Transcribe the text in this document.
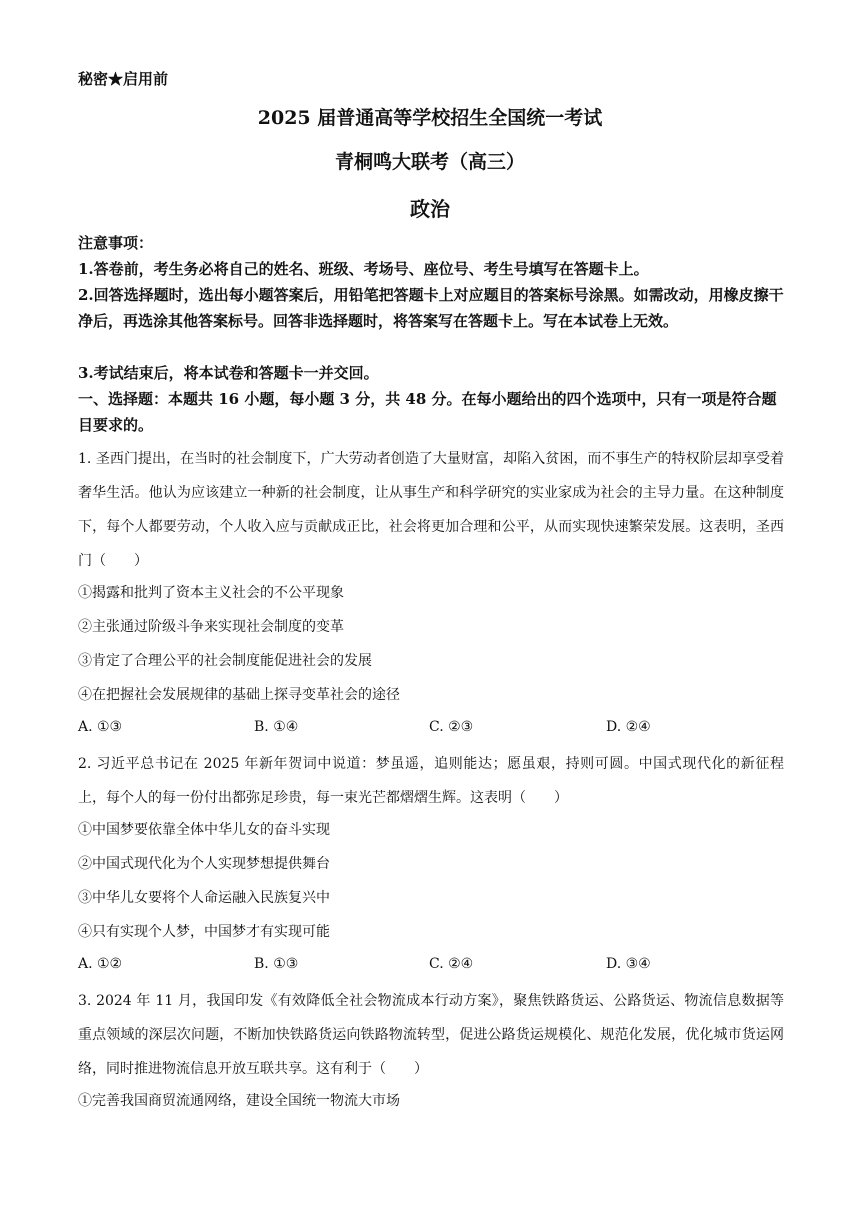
秘密★启用前
2025 届普通高等学校招生全国统一考试
青桐鸣大联考（高三）
政治
注意事项：
1.答卷前，考生务必将自己的姓名、班级、考场号、座位号、考生号填写在答题卡上。
2.回答选择题时，选出每小题答案后，用铅笔把答题卡上对应题目的答案标号涂黑。如需改动，用橡皮擦干净后，再选涂其他答案标号。回答非选择题时，将答案写在答题卡上。写在本试卷上无效。
3.考试结束后，将本试卷和答题卡一并交回。
一、选择题：本题共 16 小题，每小题 3 分，共 48 分。在每小题给出的四个选项中，只有一项是符合题目要求的。
1. 圣西门提出，在当时的社会制度下，广大劳动者创造了大量财富，却陷入贫困，而不事生产的特权阶层却享受着奢华生活。他认为应该建立一种新的社会制度，让从事生产和科学研究的实业家成为社会的主导力量。在这种制度下，每个人都要劳动，个人收入应与贡献成正比，社会将更加合理和公平，从而实现快速繁荣发展。这表明，圣西门（　　）
①揭露和批判了资本主义社会的不公平现象
②主张通过阶级斗争来实现社会制度的变革
③肯定了合理公平的社会制度能促进社会的发展
④在把握社会发展规律的基础上探寻变革社会的途径
A. ①③	B. ①④	C. ②③	D. ②④
2. 习近平总书记在 2025 年新年贺词中说道：梦虽遥，追则能达；愿虽艰，持则可圆。中国式现代化的新征程上，每个人的每一份付出都弥足珍贵，每一束光芒都熠熠生辉。这表明（　　）
①中国梦要依靠全体中华儿女的奋斗实现
②中国式现代化为个人实现梦想提供舞台
③中华儿女要将个人命运融入民族复兴中
④只有实现个人梦，中国梦才有实现可能
A. ①②	B. ①③	C. ②④	D. ③④
3. 2024 年 11 月，我国印发《有效降低全社会物流成本行动方案》，聚焦铁路货运、公路货运、物流信息数据等重点领域的深层次问题，不断加快铁路货运向铁路物流转型，促进公路货运规模化、规范化发展，优化城市货运网络，同时推进物流信息开放互联共享。这有利于（　　）
①完善我国商贸流通网络，建设全国统一物流大市场
